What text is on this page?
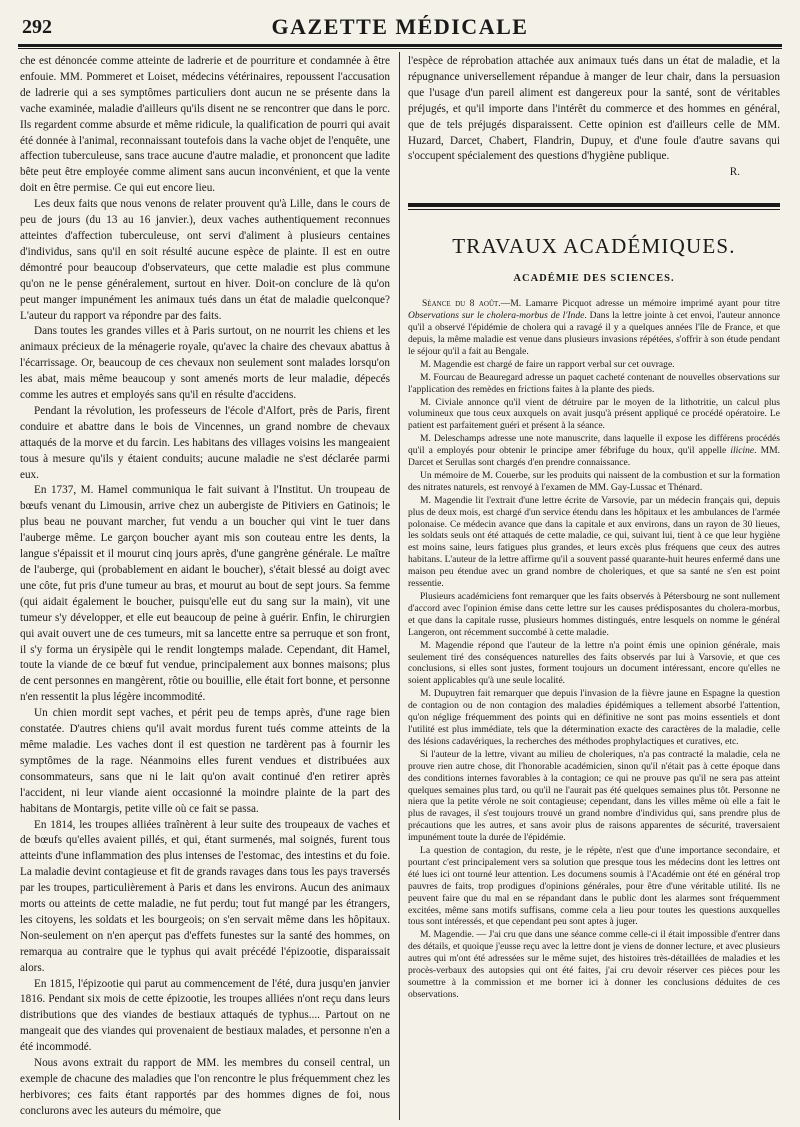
292	GAZETTE MÉDICALE

che est dénoncée comme atteinte de ladrerie et de pourriture et condamnée à être enfouie. MM. Pommeret et Loiset, médecins vétérinaires, repoussent l'accusation de ladrerie qui a ses symptômes particuliers dont aucun ne se présente dans la vache examinée, maladie d'ailleurs qu'ils disent ne se rencontrer que dans le porc. Ils regardent comme absurde et même ridicule, la qualification de pourri qui avait été donnée à l'animal, reconnaissant toutefois dans la vache objet de l'enquête, une affection tuberculeuse, sans trace aucune d'autre maladie, et prononcent que ladite bête peut être employée comme aliment sans aucun inconvénient, et que la vente doit en être permise. Ce qui eut encore lieu.

Les deux faits que nous venons de relater prouvent qu'à Lille, dans le cours de peu de jours (du 13 au 16 janvier.), deux vaches authentiquement reconnues atteintes d'affection tuberculeuse, ont servi d'aliment à plusieurs centaines d'individus, sans qu'il en soit résulté aucune espèce de plainte. Il est en outre démontré pour beaucoup d'observateurs, que cette maladie est plus commune qu'on ne le pense généralement, surtout en hiver. Doit-on conclure de là qu'on peut manger impunément les animaux tués dans un état de maladie quelconque? L'auteur du rapport va répondre par des faits.

Dans toutes les grandes villes et à Paris surtout, on ne nourrit les chiens et les animaux précieux de la ménagerie royale, qu'avec la chaire des chevaux abattus à l'écarrissage. Or, beaucoup de ces chevaux non seulement sont malades lorsqu'on les abat, mais même beaucoup y sont amenés morts de leur maladie, dépecés comme les autres et employés sans qu'il en résulte d'accidens.

Pendant la révolution, les professeurs de l'école d'Alfort, près de Paris, firent conduire et abattre dans le bois de Vincennes, un grand nombre de chevaux attaqués de la morve et du farcin. Les habitans des villages voisins les mangeaient tous à mesure qu'ils y étaient conduits; aucune maladie ne s'est déclarée parmi eux.

En 1737, M. Hamel communiqua le fait suivant à l'Institut. Un troupeau de bœufs venant du Limousin, arrive chez un aubergiste de Pitiviers en Gatinois; le plus beau ne pouvant marcher, fut vendu a un boucher qui vint le tuer dans l'auberge même. Le garçon boucher ayant mis son couteau entre les dents, la langue s'épaissit et il mourut cinq jours après, d'une gangrène générale. Le maître de l'auberge, qui (probablement en aidant le boucher), s'était blessé au doigt avec une côte, fut pris d'une tumeur au bras, et mourut au bout de sept jours. Sa femme (qui aidait également le boucher, puisqu'elle eut du sang sur la main), vit une tumeur s'y développer, et elle eut beaucoup de peine à guérir. Enfin, le chirurgien qui avait ouvert une de ces tumeurs, mit sa lancette entre sa perruque et son front, il s'y forma un érysipèle qui le rendit longtemps malade. Cependant, dit Hamel, toute la viande de ce bœuf fut vendue, principalement aux bonnes maisons; plus de cent personnes en mangèrent, rôtie ou bouillie, elle était fort bonne, et personne n'en ressentit la plus légère incommodité.

Un chien mordit sept vaches, et périt peu de temps après, d'une rage bien constatée. D'autres chiens qu'il avait mordus furent tués comme atteints de la même maladie. Les vaches dont il est question ne tardèrent pas à fournir les symptômes de la rage. Néanmoins elles furent vendues et distribuées aux consommateurs, sans que ni le lait qu'on avait continué d'en retirer après l'accident, ni leur viande aient occasionné la moindre plainte de la part des habitans de Montargis, petite ville où ce fait se passa.

En 1814, les troupes alliées traînèrent à leur suite des troupeaux de vaches et de bœufs qu'elles avaient pillés, et qui, étant surmenés, mal soignés, furent tous atteints d'une inflammation des plus intenses de l'estomac, des intestins et du foie. La maladie devint contagieuse et fit de grands ravages dans tous les pays traversés par les troupes, particulièrement à Paris et dans les environs. Aucun des animaux morts ou atteints de cette maladie, ne fut perdu; tout fut mangé par les étrangers, les citoyens, les soldats et les bourgeois; on s'en servait même dans les hôpitaux. Non-seulement on n'en aperçut pas d'effets funestes sur la santé des hommes, on remarqua au contraire que le typhus qui avait précédé l'épizootie, disparaissait alors.

En 1815, l'épizootie qui parut au commencement de l'été, dura jusqu'en janvier 1816. Pendant six mois de cette épizootie, les troupes alliées n'ont reçu dans leurs distributions que des viandes de bestiaux attaqués de typhus.... Partout on ne mangeait que des viandes qui provenaient de bestiaux malades, et personne n'en a été incommodé.

Nous avons extrait du rapport de MM. les membres du conseil central, un exemple de chacune des maladies que l'on rencontre le plus fréquemment chez les herbivores; ces faits étant rapportés par des hommes dignes de foi, nous conclurons avec les auteurs du mémoire, que

l'espèce de réprobation attachée aux animaux tués dans un état de maladie, et la répugnance universellement répandue à manger de leur chair, dans la persuasion que l'usage d'un pareil aliment est dangereux pour la santé, sont de véritables préjugés, et qu'il importe dans l'intérêt du commerce et des hommes en général, que de tels préjugés disparaissent. Cette opinion est d'ailleurs celle de MM. Huzard, Darcet, Chabert, Flandrin, Dupuy, et d'une foule d'autre savans qui s'occupent spécialement des questions d'hygiène publique.

R.

TRAVAUX ACADÉMIQUES.
ACADÉMIE DES SCIENCES.

Séance du 8 août.—M. Lamarre Picquot adresse un mémoire imprimé ayant pour titre Observations sur le cholera-morbus de l'Inde. Dans la lettre jointe à cet envoi, l'auteur annonce qu'il a observé l'épidémie de cholera qui a ravagé il y a quelques années l'île de France, et que depuis, la même maladie est venue dans plusieurs invasions répétées, s'offrir à son étude pendant le séjour qu'il a fait au Bengale.

M. Magendie est chargé de faire un rapport verbal sur cet ouvrage.

M. Fourcau de Beauregard adresse un paquet cacheté contenant de nouvelles observations sur l'application des remèdes en frictions faites à la plante des pieds.

M. Civiale annonce qu'il vient de détruire par le moyen de la lithotritie, un calcul plus volumineux que tous ceux auxquels on avait jusqu'à présent appliqué ce procédé opératoire. Le patient est parfaitement guéri et présent à la séance.

M. Deleschamps adresse une note manuscrite, dans laquelle il expose les différens procédés qu'il a employés pour obtenir le principe amer fébrifuge du houx, qu'il appelle ilicine. MM. Darcet et Serullas sont chargés d'en prendre connaissance.

Un mémoire de M. Couerbe, sur les produits qui naissent de la combustion et sur la formation des nitrates naturels, est renvoyé à l'examen de MM. Gay-Lussac et Thénard.

M. Magendie lit l'extrait d'une lettre écrite de Varsovie, par un médecin français qui, depuis plus de deux mois, est chargé d'un service étendu dans les hôpitaux et les ambulances de l'armée polonaise. Ce médecin avance que dans la capitale et aux environs, dans un rayon de 30 lieues, les soldats seuls ont été attaqués de cette maladie, ce qui, suivant lui, tient à ce que leur hygiène est moins saine, leurs fatigues plus grandes, et leurs excès plus fréquens que ceux des autres habitans. L'auteur de la lettre affirme qu'il a souvent passé quarante-huit heures enfermé dans une maison peu étendue avec un grand nombre de choleriques, et que sa santé ne s'en est point ressentie.

Plusieurs académiciens font remarquer que les faits observés à Pétersbourg ne sont nullement d'accord avec l'opinion émise dans cette lettre sur les causes prédisposantes du cholera-morbus, et que dans la capitale russe, plusieurs hommes distingués, entre lesquels on nomme le général Langeron, ont récemment succombé à cette maladie.

M. Magendie répond que l'auteur de la lettre n'a point émis une opinion générale, mais seulement tiré des conséquences naturelles des faits observés par lui à Varsovie, et que ces conclusions, si elles sont justes, forment toujours un document intéressant, encore qu'elles ne soient applicables qu'à une seule localité.

M. Dupuytren fait remarquer que depuis l'invasion de la fièvre jaune en Espagne la question de contagion ou de non contagion des maladies épidémiques a tellement absorbé l'attention, qu'on néglige fréquemment des points qui en définitive ne sont pas moins essentiels et dont l'utilité est plus immédiate, tels que la détermination exacte des caractères de la maladie, celle des lésions cadavériques, la recherches des méthodes prophylactiques et curatives, etc.

Si l'auteur de la lettre, vivant au milieu de choleriques, n'a pas contracté la maladie, cela ne prouve rien autre chose, dit l'honorable académicien, sinon qu'il n'était pas à cette époque dans des conditions internes favorables à la contagion; ce qui ne prouve pas qu'il ne sera pas atteint quelques semaines plus tard, ou qu'il ne l'aurait pas été quelques semaines plus tôt. Personne ne niera que la petite vérole ne soit contagieuse; cependant, dans les villes même où elle a fait le plus de ravages, il s'est toujours trouvé un grand nombre d'individus qui, sans prendre plus de précautions que les autres, et sans avoir plus de raisons apparentes de sécurité, traversaient impunément toute la durée de l'épidémie.

La question de contagion, du reste, je le répète, n'est que d'une importance secondaire, et pourtant c'est principalement vers sa solution que presque tous les médecins dont les lettres ont été lues ici ont tourné leur attention. Les documens soumis à l'Académie ont été en général trop pauvres de faits, trop prodigues d'opinions générales, pour être d'une véritable utilité. Ils ne peuvent faire que du mal en se répandant dans le public dont les alarmes sont fréquemment excitées, même sans motifs suffisans, comme cela a lieu pour toutes les questions auxquelles tous sont intéressés, et que cependant peu sont aptes à juger.

M. Magendie. — J'ai cru que dans une séance comme celle-ci il était impossible d'entrer dans des détails, et quoique j'eusse reçu avec la lettre dont je viens de donner lecture, et avec plusieurs autres qui m'ont été adressées sur le même sujet, des histoires très-détaillées de maladies et les procès-verbaux des autopsies qui ont été faites, j'ai cru devoir réserver ces pièces pour les soumettre à la commission et me borner ici à donner les conclusions déduites de ces observations.
